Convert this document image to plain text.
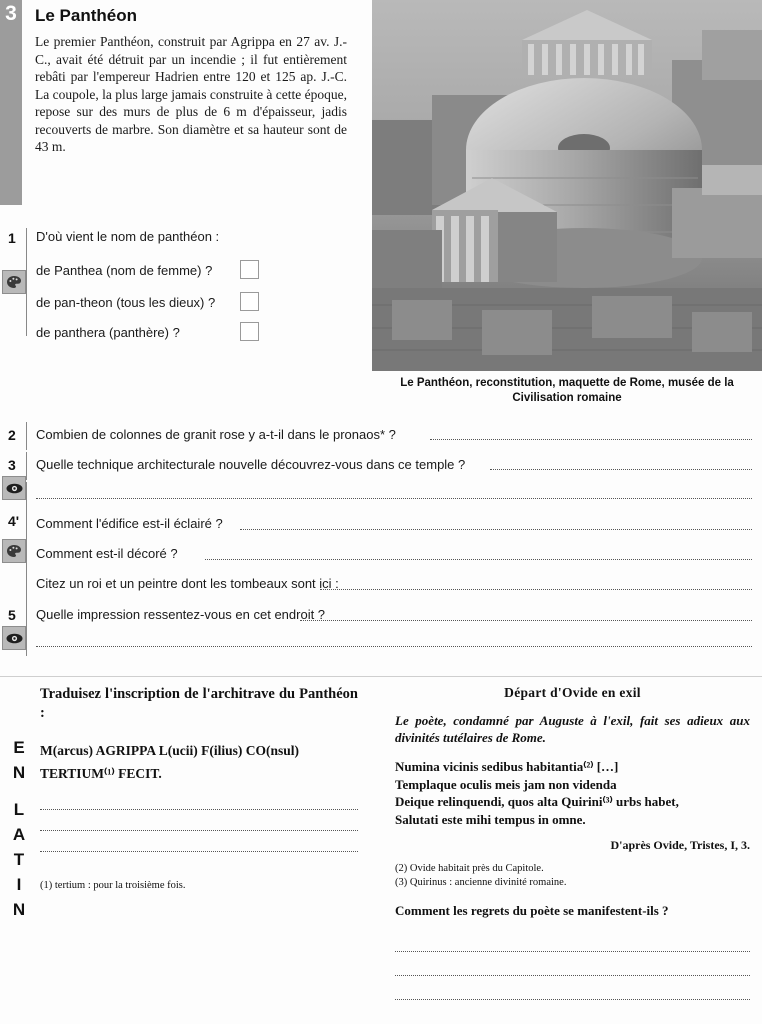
3	Le Panthéon
Le premier Panthéon, construit par Agrippa en 27 av. J.-C., avait été détruit par un incendie ; il fut entièrement rebâti par l'empereur Hadrien entre 120 et 125 ap. J.-C. La coupole, la plus large jamais construite à cette époque, repose sur des murs de plus de 6 m d'épaisseur, jadis recouverts de marbre. Son diamètre et sa hauteur sont de 43 m.
Le Panthéon, reconstitution, maquette de Rome, musée de la Civilisation romaine
1 D'où vient le nom de panthéon :
de Panthea (nom de femme) ?
de pan-theon (tous les dieux) ?
de panthera (panthère) ?
2 Combien de colonnes de granit rose y a-t-il dans le pronaos* ?
3 Quelle technique architecturale nouvelle découvrez-vous dans ce temple ?
4' Comment l'édifice est-il éclairé ?
Comment est-il décoré ?
Citez un roi et un peintre dont les tombeaux sont ici :
5 Quelle impression ressentez-vous en cet endroit ?
E
N
L
A
T
I
N
Traduisez l'inscription de l'architrave du Panthéon :
M(arcus) AGRIPPA L(ucii) F(ilius) CO(nsul)
TERTIUM⁽¹⁾ FECIT.
(1) tertium : pour la troisième fois.
Départ d'Ovide en exil
Le poète, condamné par Auguste à l'exil, fait ses adieux aux divinités tutélaires de Rome.
Numina vicinis sedibus habitantia⁽²⁾ […]
Templaque oculis meis jam non videnda
Deique relinquendi, quos alta Quirini⁽³⁾ urbs habet,
Salutati este mihi tempus in omne.
D'après Ovide, Tristes, I, 3.
(2) Ovide habitait près du Capitole.
(3) Quirinus : ancienne divinité romaine.
Comment les regrets du poète se manifestent-ils ?
